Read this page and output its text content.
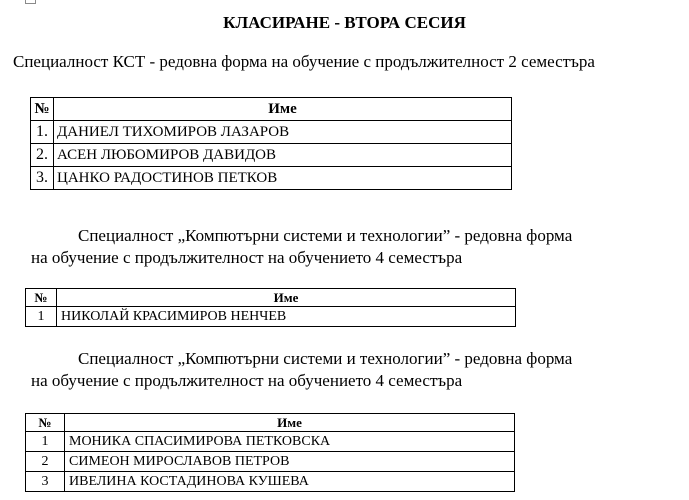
КЛАСИРАНЕ - ВТОРА СЕСИЯ
Специалност КСТ - редовна форма на обучение с продължителност 2 семестъра
№	Име
1.	ДАНИЕЛ ТИХОМИРОВ ЛАЗАРОВ
2.	АСЕН ЛЮБОМИРОВ ДАВИДОВ
3.	ЦАНКО РАДОСТИНОВ ПЕТКОВ
Специалност „Компютърни системи и технологии” - редовна форма
на обучение с продължителност на обучението 4 семестъра
№	Име
1	НИКОЛАЙ КРАСИМИРОВ НЕНЧЕВ
Специалност „Компютърни системи и технологии” - редовна форма
на обучение с продължителност на обучението 4 семестъра
№	Име
1	МОНИКА СПАСИМИРОВА ПЕТКОВСКА
2	СИМЕОН МИРОСЛАВОВ ПЕТРОВ
3	ИВЕЛИНА КОСТАДИНОВА КУШЕВА
